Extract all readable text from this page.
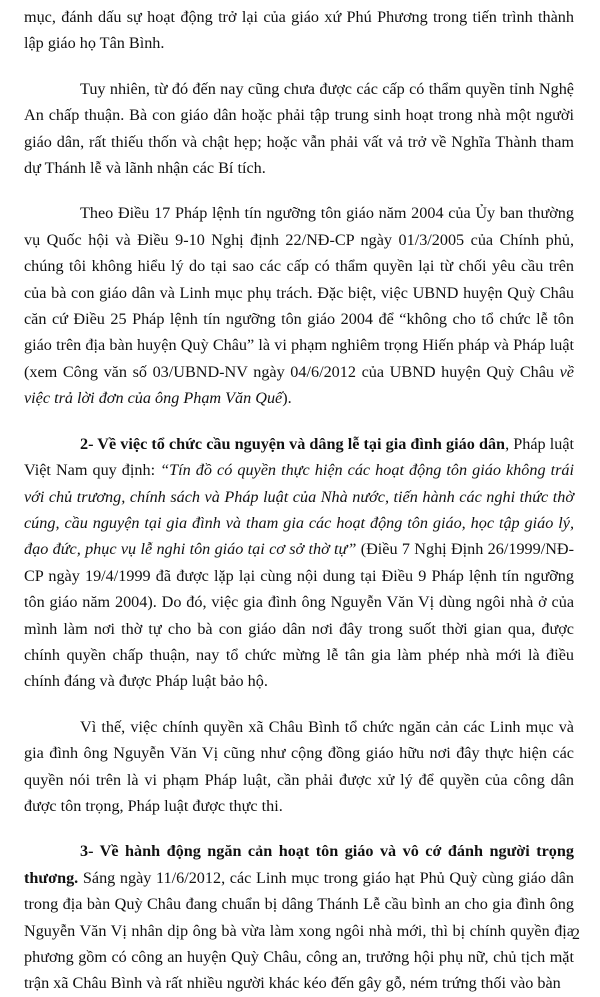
mục, đánh dấu sự hoạt động trở lại của giáo xứ Phú Phương trong tiến trình thành lập giáo họ Tân Bình.

Tuy nhiên, từ đó đến nay cũng chưa được các cấp có thẩm quyền tỉnh Nghệ An chấp thuận. Bà con giáo dân hoặc phải tập trung sinh hoạt trong nhà một người giáo dân, rất thiếu thốn và chật hẹp; hoặc vẫn phải vất vả trở về Nghĩa Thành tham dự Thánh lễ và lãnh nhận các Bí tích.

Theo Điều 17 Pháp lệnh tín ngưỡng tôn giáo năm 2004 của Ủy ban thường vụ Quốc hội và Điều 9-10 Nghị định 22/NĐ-CP ngày 01/3/2005 của Chính phủ, chúng tôi không hiểu lý do tại sao các cấp có thẩm quyền lại từ chối yêu cầu trên của bà con giáo dân và Linh mục phụ trách. Đặc biệt, việc UBND huyện Quỳ Châu căn cứ Điều 25 Pháp lệnh tín ngưỡng tôn giáo 2004 để “không cho tổ chức lễ tôn giáo trên địa bàn huyện Quỳ Châu” là vi phạm nghiêm trọng Hiến pháp và Pháp luật (xem Công văn số 03/UBND-NV ngày 04/6/2012 của UBND huyện Quỳ Châu về việc trả lời đơn của ông Phạm Văn Quế).

2- Về việc tổ chức cầu nguyện và dâng lễ tại gia đình giáo dân, Pháp luật Việt Nam quy định: “Tín đồ có quyền thực hiện các hoạt động tôn giáo không trái với chủ trương, chính sách và Pháp luật của Nhà nước, tiến hành các nghi thức thờ cúng, cầu nguyện tại gia đình và tham gia các hoạt động tôn giáo, học tập giáo lý, đạo đức, phục vụ lễ nghi tôn giáo tại cơ sở thờ tự” (Điều 7 Nghị Định 26/1999/NĐ-CP ngày 19/4/1999 đã được lặp lại cùng nội dung tại Điều 9 Pháp lệnh tín ngưỡng tôn giáo năm 2004). Do đó, việc gia đình ông Nguyễn Văn Vị dùng ngôi nhà ở của mình làm nơi thờ tự cho bà con giáo dân nơi đây trong suốt thời gian qua, được chính quyền chấp thuận, nay tổ chức mừng lễ tân gia làm phép nhà mới là điều chính đáng và được Pháp luật bảo hộ.

Vì thế, việc chính quyền xã Châu Bình tổ chức ngăn cản các Linh mục và gia đình ông Nguyễn Văn Vị cũng như cộng đồng giáo hữu nơi đây thực hiện các quyền nói trên là vi phạm Pháp luật, cần phải được xử lý để quyền của công dân được tôn trọng, Pháp luật được thực thi.

3- Về hành động ngăn cản hoạt tôn giáo và vô cớ đánh người trọng thương. Sáng ngày 11/6/2012, các Linh mục trong giáo hạt Phủ Quỳ cùng giáo dân trong địa bàn Quỳ Châu đang chuẩn bị dâng Thánh Lễ cầu bình an cho gia đình ông Nguyễn Văn Vị nhân dịp ông bà vừa làm xong ngôi nhà mới, thì bị chính quyền địa phương gồm có công an huyện Quỳ Châu, công an, trưởng hội phụ nữ, chủ tịch mặt trận xã Châu Bình và rất nhiều người khác kéo đến gây gỗ, ném trứng thối vào bàn

2
